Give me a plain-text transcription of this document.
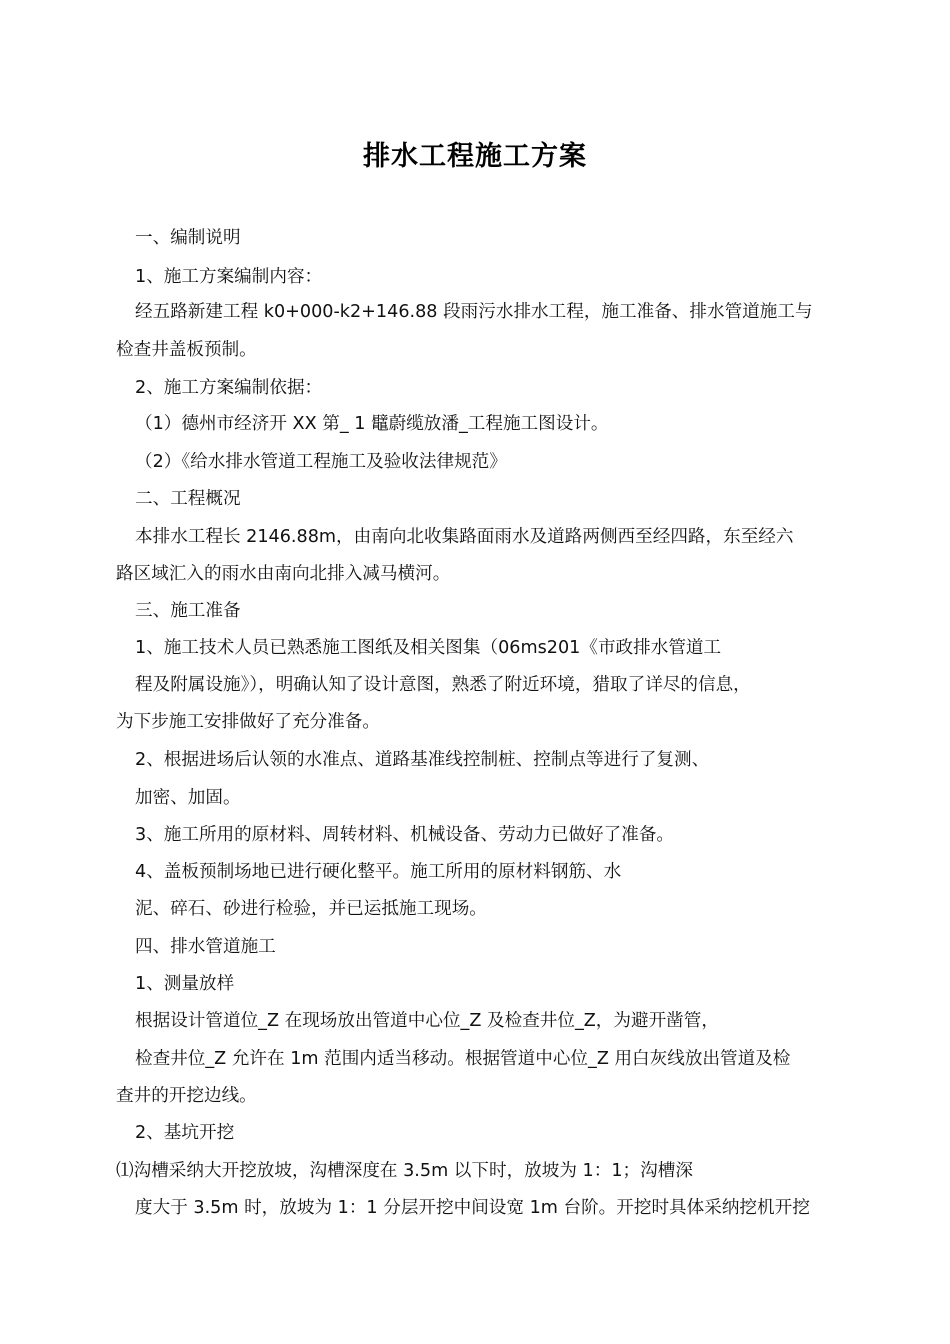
排水工程施工方案
一、编制说明
1、施工方案编制内容：
经五路新建工程 k0+000-k2+146.88 段雨污水排水工程，施工准备、排水管道施工与
检查井盖板预制。
2、施工方案编制依据：
（1）德州市经济开 XX 第_ 1 鼊蔚缆放潘_工程施工图设计。
（2）《给水排水管道工程施工及验收法律规范》
二、工程概况
本排水工程长 2146.88m，由南向北收集路面雨水及道路两侧西至经四路，东至经六
路区域汇入的雨水由南向北排入减马横河。
三、施工准备
1、施工技术人员已熟悉施工图纸及相关图集（06ms201《市政排水管道工
程及附属设施》），明确认知了设计意图，熟悉了附近环境，猎取了详尽的信息，
为下步施工安排做好了充分准备。
2、根据进场后认领的水准点、道路基准线控制桩、控制点等进行了复测、
加密、加固。
3、施工所用的原材料、周转材料、机械设备、劳动力已做好了准备。
4、盖板预制场地已进行硬化整平。施工所用的原材料钢筋、水
泥、碎石、砂进行检验，并已运抵施工现场。
四、排水管道施工
1、测量放样
根据设计管道位_Z 在现场放出管道中心位_Z 及检查井位_Z，为避开凿管，
检查井位_Z 允许在 1m 范围内适当移动。根据管道中心位_Z 用白灰线放出管道及检
查井的开挖边线。
2、基坑开挖
⑴沟槽采纳大开挖放坡，沟槽深度在 3.5m 以下时，放坡为 1：1；沟槽深
度大于 3.5m 时，放坡为 1：1 分层开挖中间设宽 1m 台阶。开挖时具体采纳挖机开挖
